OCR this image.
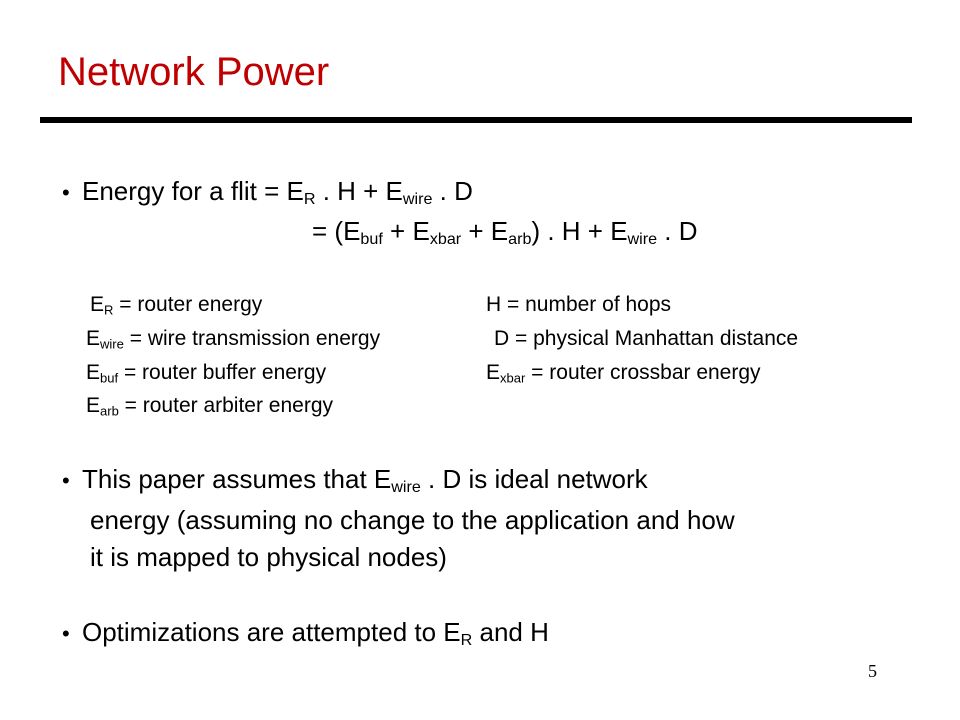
Network Power
• Energy for a flit = $E_R$ . $H + E_{wire}$ . D
= $(E_{buf} + E_{xbar} + E_{arb})$ . $H + E_{wire}$ . D
$E_R$ = router energy	H = number of hops
$E_{wire}$ = wire transmission energy	D = physical Manhattan distance
$E_{buf}$ = router buffer energy	$E_{xbar}$ = router crossbar energy
$E_{arb}$ = router arbiter energy
• This paper assumes that $E_{wire}$ . D is ideal network
energy (assuming no change to the application and how
it is mapped to physical nodes)
• Optimizations are attempted to $E_R$ and H
5
